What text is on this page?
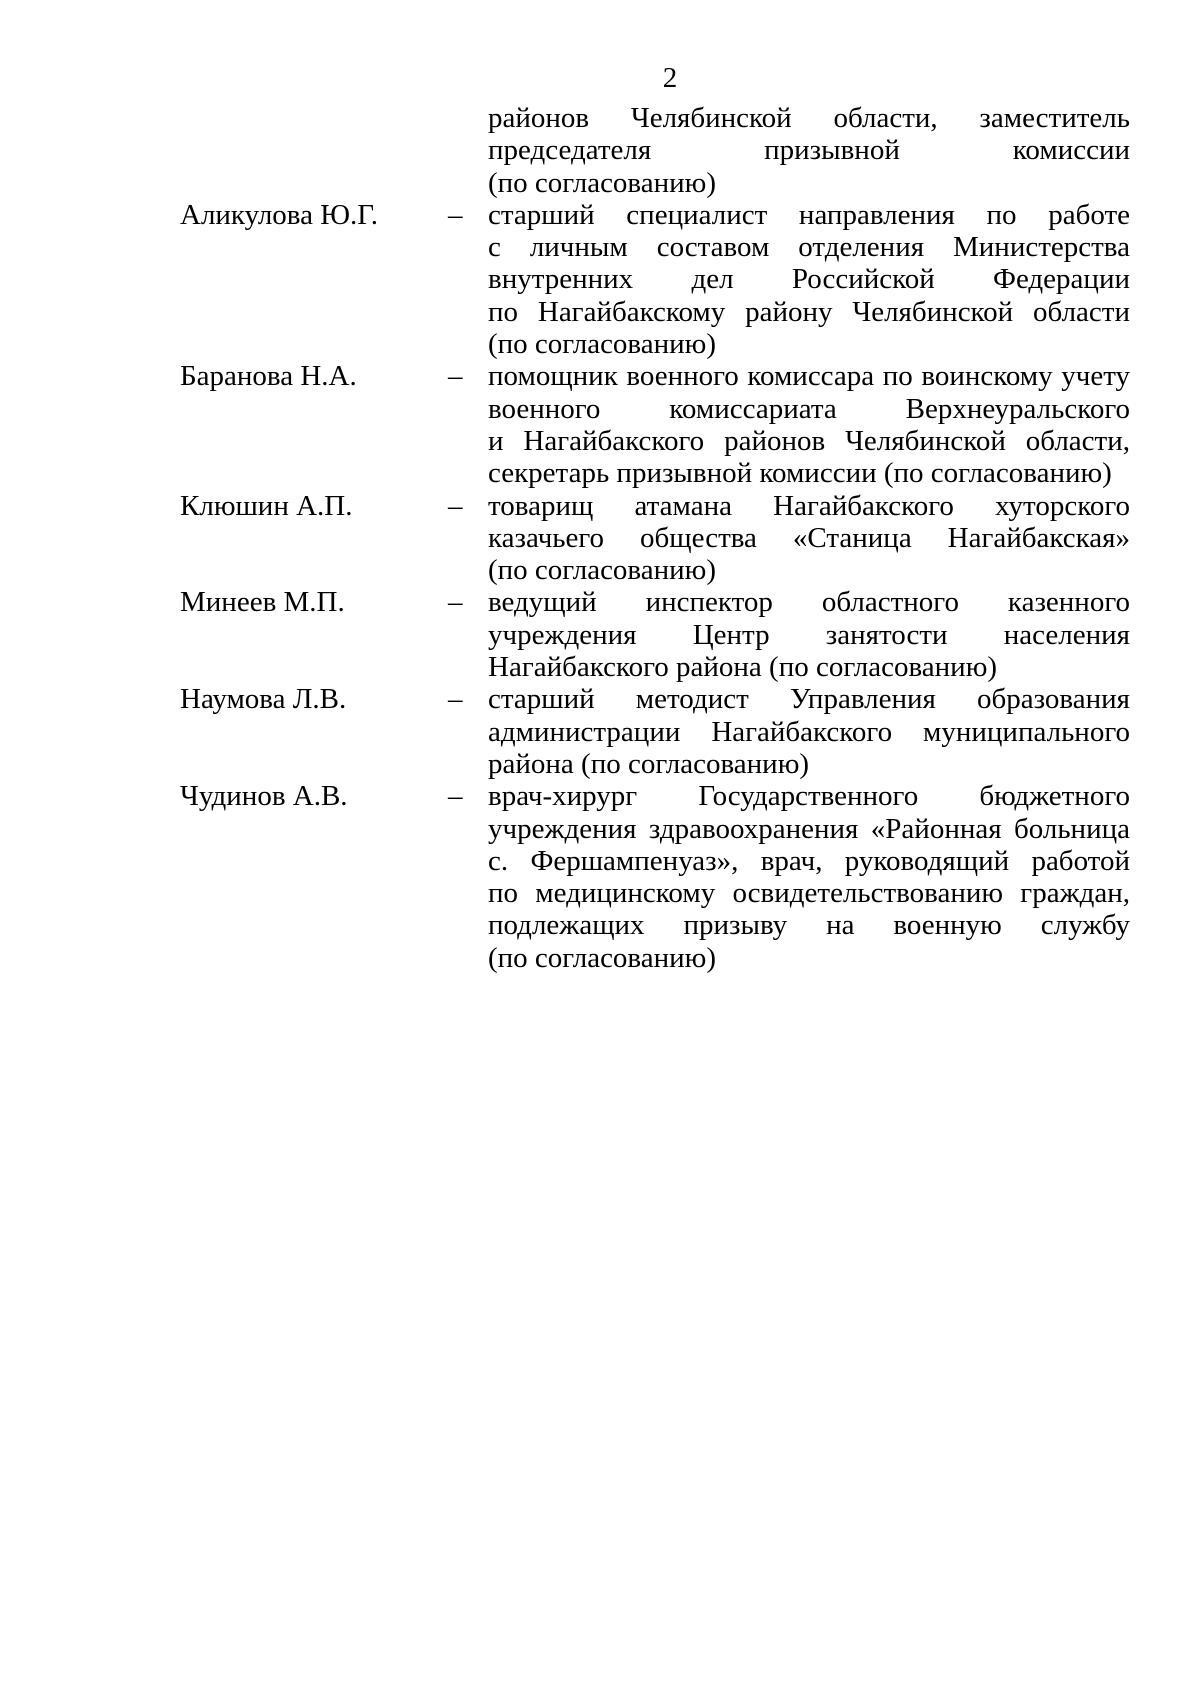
2
районов Челябинской области, заместитель
председателя призывной комиссии
(по согласованию)
Аликулова Ю.Г. – старший специалист направления по работе
с личным составом отделения Министерства
внутренних дел Российской Федерации
по Нагайбакскому району Челябинской области
(по согласованию)
Баранова Н.А.	– помощник военного комиссара по воинскому учету
военного комиссариата Верхнеуральского
и Нагайбакского районов Челябинской области,
секретарь призывной комиссии (по согласованию)
Клюшин А.П.	– товарищ атамана Нагайбакского хуторского
казачьего общества «Станица Нагайбакская»
(по согласованию)
Минеев М.П.	– ведущий инспектор областного казенного
учреждения Центр занятости населения
Нагайбакского района (по согласованию)
Наумова Л.В.	– старший методист Управления образования
администрации Нагайбакского муниципального
района (по согласованию)
Чудинов А.В.	– врач-хирург Государственного бюджетного
учреждения здравоохранения «Районная больница
с. Фершампенуаз», врач, руководящий работой
по медицинскому освидетельствованию граждан,
подлежащих призыву на военную службу
(по согласованию)
